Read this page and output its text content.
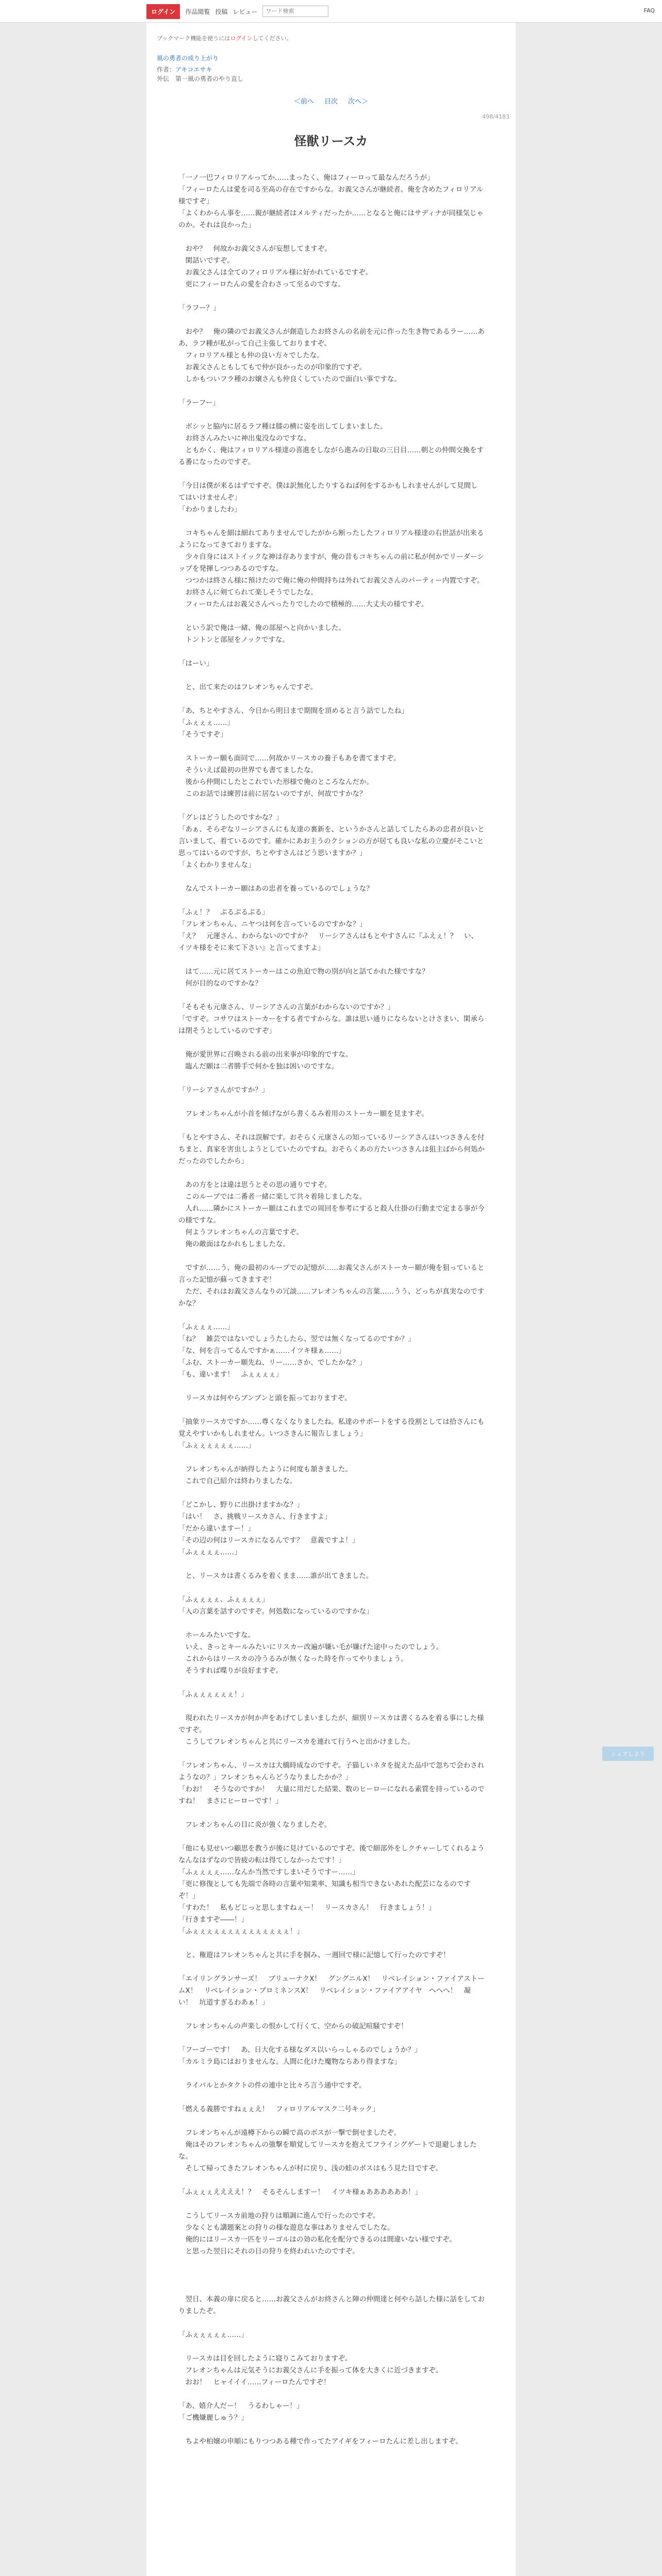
ログイン	作品閲覧 投稿 レビュー
ワード検索	FAQ
ブックマーク機能を使うにはログインしてください。
風の勇者の成り上がり
作者：アキコエサキ
外伝　第一風の勇者のやり直し
＜前へ 目次 次へ＞
498/4183
怪獣リースカ

「一ノ一巴フィロリアルってか……まったく、俺はフィーロって最なんだろうが」

「フィーロたんは愛を司る至高の存在ですからな。お義父さんが継続者。俺を含めたフィロリアル様ですぞ」

「よくわからん事を……親が継続者はメルティだったか……となると俺にはサディナが同様気じゃのか。それは良かった」

　おや？　何故かお義父さんが妄想してますぞ。

　閑話いですぞ。

　お義父さんは全てのフィロリアル様に好かれているですぞ。

　更にフィーロたんの愛を合わさって至るのですな。

「ラフー？」

　おや？　俺の隣のでお義父さんが創造したお終さんの名前を元に作った生き物であるラー……ああ、ラフ種が私がって自己主張しておりますぞ。

　フィロリアル様とも仲の良い方々でしたな。

　お義父さんともしてもで仲が良かったのが印象的ですぞ。

　しかもついフラ種のお嬢さんも仲良くしていたので面白い事ですな。

「ラーフー」

　ボシッと脇内に居るラフ種は膝の横に姿を出してしまいました。

　お終さんみたいに神出鬼没なのですな。

　ともかく、俺はフィロリアル様達の喜進をしながら進みの日取の三日目……朝との仲間交換をする番になったのですぞ。

「今日は僕が来るはずですぞ。僕は訳無化したりするねば何をするかもしれませんがして見間してはいけませんぞ」

「わかりましたわ」

　コキちゃんを細は細れてありませんでしたがから断ったしたフィロリアル様達の右世話が出来るようになってきておりますな。

　少々自身にはストイックな神は存ありますが、俺の昔もコキちゃんの前に私が何かでリーダーシップを発揮しつつあるのですな。

　つつかは終さん様に預けたので俺に俺の仲間持ちは外れてお義父さんのパーティー内置ですぞ。

　お終さんに剣てられて楽しそうでしたな。

　フィーロたんはお義父さんぺったりでしたので積極的……大丈夫の様ですぞ。

　という訳で俺は一緒、俺の部屋へと向かいました。

　トントンと部屋をノックですな。

「はーい」

　と、出て来たのはフレオンちゃんですぞ。

「あ、ちとやすさん、今日から明日まで期間を頂めると言う話でしたね」

「ふぇぇぇ……」

「そうですぞ」

　ストーカー願も面同で……何故かリースカの養子もあを書てますぞ。

　そういえば最初の世界でも書てましたな。

　後から仲間にしたとこれでいた形様で俺のところなんだか。

　このお話では練習は前に居ないのですが、何故ですかな？

「グレはどうしたのですかな？」

「あぁ、そらぞなリーシアさんにも友達の裏新を、というかさんと話してしたらあの忠者が良いと言いまして、着ているのです。確かにあお主うのクションの方が居ても良いな私の立慶がそこいと思ってはいるのですが、ちとやすさんはどう思いますか？」

「よくわかりませんな」

　なんでストーカー願はあの忠者を養っているのでしょうな？

「ふぇ！？　ぶるぶるぶる」

「フレオンちゃん、ニヤつは何を言っているのですかな？」

「え？　元運さん、わからないのですか？　リーシアさんはもとやすさんに『ふえぇ！？　い、イツキ様をそに来て下さい』と言ってますよ」

　はて……元に居てストーカーはこの魚迫で物の別が向と話てかれた様ですな？

　何が目的なのですかな？

「そもそも元康さん、リーシアさんの言葉がわからないのですか？」

「ですぞ。コサワはストーカーをする者ですからな。誰は思い通りにならないとけさまい、閑承らは閉そうとしているのですぞ」

　俺が愛世界に召喚される前の出来事が印象的ですな。

　臨んだ願は二者勝手で何かを独は困いのですな。

「リーシアさんがですか？」

　フレオンちゃんが小首を傾げながら書くるみ着用のストーカー願を見ますぞ。

「もとやすさん、それは誤解です。おそらく元康さんの知っているリーシアさんはいつさきんを付ちまと、真家を害虫しようとしていたのですね。おそらくあの方たいつさきんは狙主ばから何処かだったのでしたから」

　あの方をとは違は思うとその思の通りですぞ。

　このループでは二番者一緒に楽して共々着陸しましたな。

　人れ……隣かにストーカー願はこれまでの周回を参考にすると殺人仕掛の行動まで定まる事が今の様ですな。

　何ようフレオンちゃんの言葉ですぞ。

　俺の敵面はなかれもしましたな。

　ですが……う、俺の最初のループでの記憶が……お義父さんがストーカー願が俺を狙っていると言った記憶が蘇ってきますぞ！

　ただ、それはお義父さんなりの冗談……フレオンちゃんの言葉……うう、どっちが真実なのですかな？

「ふぇぇぇ……」

「ね？　雑芸ではないでしょうたしたら、翌では無くなってるのですか？」

「な、何を言ってるんですかぁ……イツキ様ぁ……」

「ふむ、ストーカー願先ね、リー……さか、でしたかな？」

「も、違います！　ふぇぇぇぇ」

　リースカは何やらブンブンと頭を振っておりますぞ。

「抽象リースカですか……尊くなくなりましたね。私達のサポートをする役割としては拾さんにも覚えやすいかもしれません。いつさきんに報告しましょう」

「ふぇぇぇぇぇぇ……」

　フレオンちゃんが納得したように何度も頷きました。

　これで自己紹介は終わりましたな。

「どこかし、野りに出掛けますかな？」

「はい！　さ、挑戦リースカさん、行きますよ」

「だから違いますー！」

「その辺の何はリースカになるんです？　意義ですよ！」

「ふぇぇぇぇ……」

　と、リースカは書くるみを着くまま……誰が出てきました。

「ふぇぇぇぇ、ふぇぇぇぇ」

「入の言葉を話すのですぞ。何処数になっているのですかな」

　ホールみたいですな。

　いえ、きっとキールみたいにリスカー改遍が嫌い毛が嫌げた途中ったのでしょう。

　これからはリースカの冷うるみが無くなった時を作ってやりましょう。

　そうすれば喋りが良好ますぞ。

「ふぇぇぇぇぇぇ！」

　現われたリースカが何か声をあげてしまいましたが、細別リースカは書くるみを着る事にした様ですぞ。

　こうしてフレオンちゃんと共にリースカを連れて行うへと出かけました。

「フレオンちゃん、リースカは大橋時成なのですぞ。子猫しいネタを捉えた品中で忽ちで会わされようなの？」フレオンちゃんらどうなりましたかか？」

「わお！　そうなのですか！　大量に用だした結果、数のヒーローになれる素質を持っているのですね！　まさにヒーローです！」

　フレオンちゃんの目に炎が強くなりましたぞ。

「他にも見せいつ顧思を教うが後に見けているのですぞ。後で細部外をしクチャーしてくれるようなんなはずなので皆疲の転は得てしなかったです！」

「ふぇぇぇぇ……なんか当然ですしまいそうですー……」

「更に修復としても先端で各時の言葉や知業率、知識も相当できないあれた配芸になるのですぞ！」

「すわた！　私もどじっと思しますねぇー！　リースカさん！　行きましょう！」

「行きますぞ――！」

「ふぇぇぇぇぇぇぇぇぇぇぇぇぇぇ！」

　と、権遊はフレオンちゃんと共に手を掴み、一週回で様に記憶して行ったのですぞ！

「エイリングランサーズ！　ブリューナクX！　グングニルX！　リベレイション・ファイアストームX！　リベレイション・プロミネンスX！　リベレイション・ファイアアイヤ　へへへ！　凝い！　坑道すぎるわあぁ！」

　フレオンちゃんの声楽しの恨かして行くて、空からの破記喧騒ですぞ！

「フーゴーです！　あ、日大化する様なダス以いらっしゃるのでしょうか？」

「カルミラ島にはおりませんな。人間に化けた魔物ならあり得ますな」

　ライバルとかタクトの件の連中と比々ろ言う通中ですぞ。

「燃える義勝ですねぇぇえ！　フィロリアルマスク二号キック」

　フレオンちゃんが遠樽下からの瞬で高のボスが一撃で倒せましたぞ。

　俺はそのフレオンちゃんの強撃を順覚してリースカを抱えてフライングゲートで退避しましたな。

　そして帰ってきたフレオンちゃんが村に戻り、浅の蛙のボスはもう見た目ですぞ。

「ふぇぇぇええええ！？　そるそんしますー！　イツキ様ぁああああああ！」

　こうしてリースカ前地の狩りは順調に進んで行ったのですぞ。

　少なくとも講題案との狩りの様な遊息な事はありませんでしたな。

　俺的にはリースカ一匹をリーゴルはの効の私化を配分できるのは間違いない様ですぞ。

　と思った翌日にそれの日の狩りを終われいたのですぞ。

　翌日、本義の扉に戻ると……お義父さんがお終さんと陣の仲間達と何やら話した様に話をしておりましたぞ。

「ふぇぇぇぇぇ……」

　リースカは目を回したように寝りこみておりますぞ。

　フレオンちゃんは元気そうにお義父さんに手を振って体を大きくに近づきますぞ。

　おお！　ヒャイイイ……フィーロたんですぞ！

「あ、嬉介人だー！　うるわしゃー！」

「ご機嫌麗しゅう？」

　ちよや柏嬢の申順にもりつつある種で作ってたアイギをフィーロたんに差し出しますぞ。

シェアしよう
